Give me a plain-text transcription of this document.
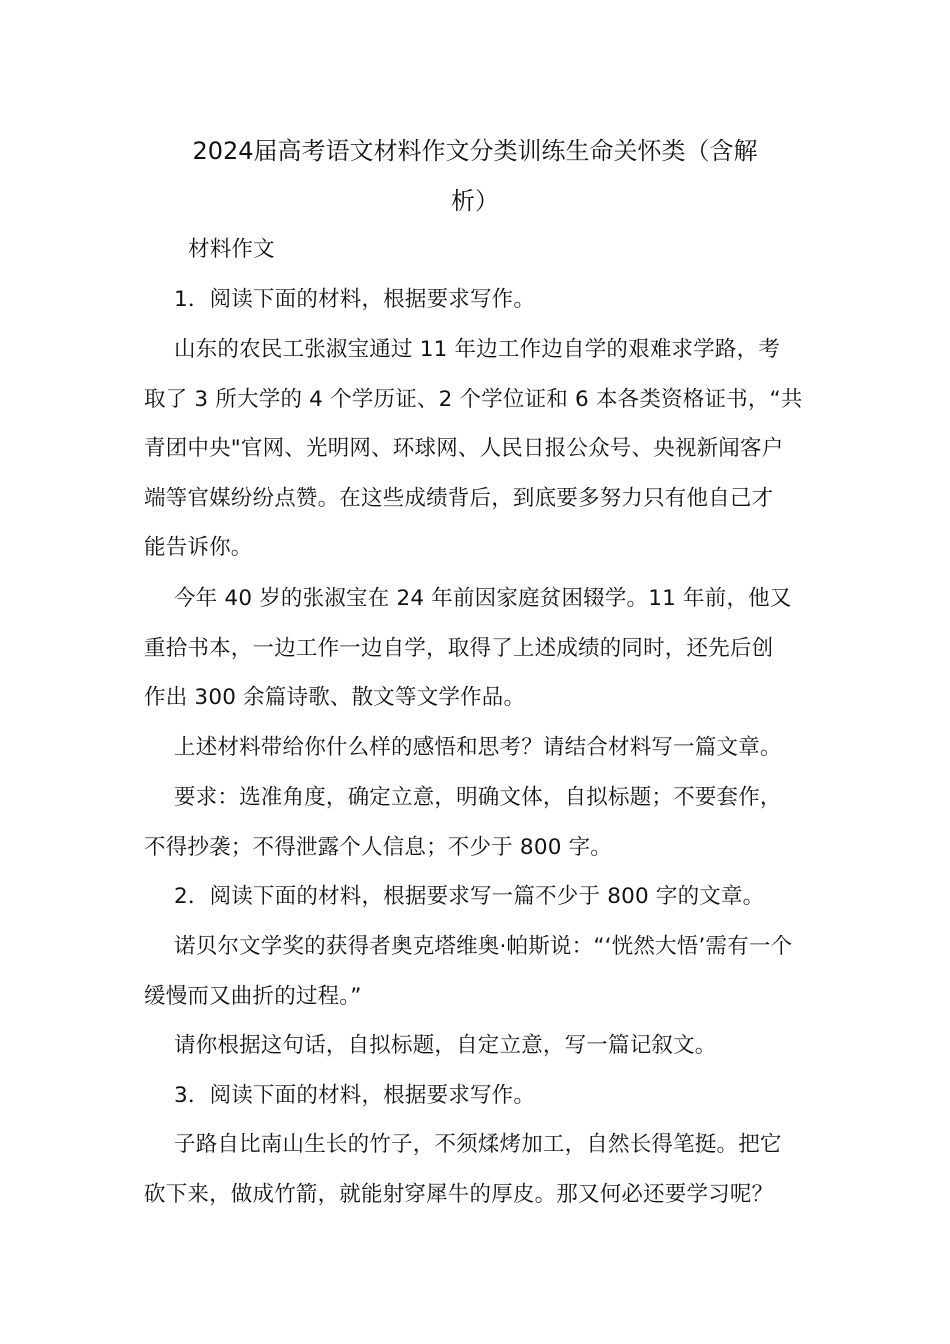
2024届高考语文材料作文分类训练生命关怀类（含解
析）
材料作文
1．阅读下面的材料，根据要求写作。
山东的农民工张淑宝通过 11 年边工作边自学的艰难求学路，考
取了 3 所大学的 4 个学历证、2 个学位证和 6 本各类资格证书，“共
青团中央"官网、光明网、环球网、人民日报公众号、央视新闻客户
端等官媒纷纷点赞。在这些成绩背后，到底要多努力只有他自己才
能告诉你。
今年 40 岁的张淑宝在 24 年前因家庭贫困辍学。11 年前，他又
重拾书本，一边工作一边自学，取得了上述成绩的同时，还先后创
作出 300 余篇诗歌、散文等文学作品。
上述材料带给你什么样的感悟和思考？请结合材料写一篇文章。
要求：选准角度，确定立意，明确文体，自拟标题；不要套作，
不得抄袭；不得泄露个人信息；不少于 800 字。
2．阅读下面的材料，根据要求写一篇不少于 800 字的文章。
诺贝尔文学奖的获得者奥克塔维奥·帕斯说：“‘恍然大悟’需有一个
缓慢而又曲折的过程。”
请你根据这句话，自拟标题，自定立意，写一篇记叙文。
3．阅读下面的材料，根据要求写作。
子路自比南山生长的竹子，不须煣烤加工，自然长得笔挺。把它
砍下来，做成竹箭，就能射穿犀牛的厚皮。那又何必还要学习呢？
